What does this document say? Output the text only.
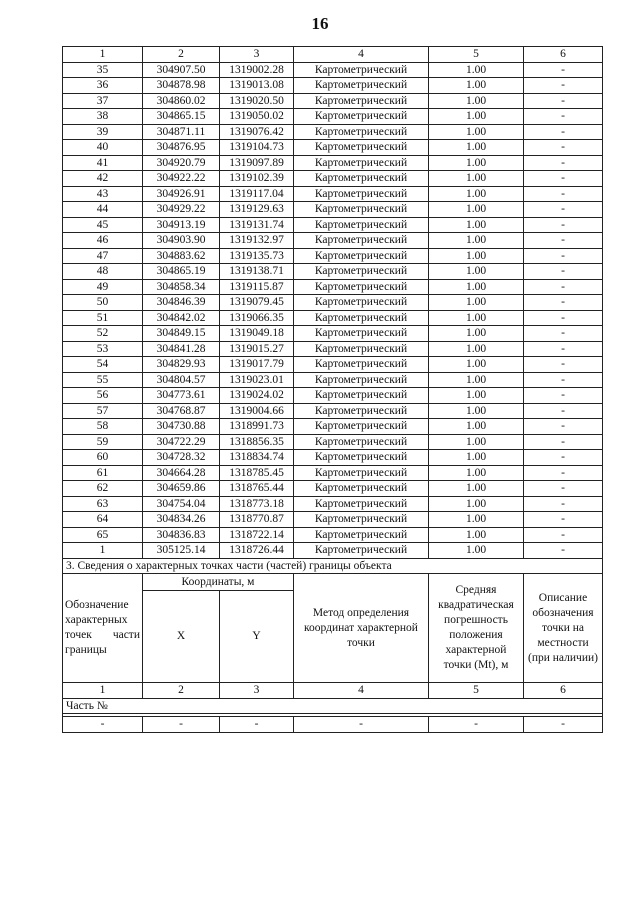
16
1	2	3	4	5	6
35	304907.50	1319002.28	Картометрический	1.00	-
36	304878.98	1319013.08	Картометрический	1.00	-
37	304860.02	1319020.50	Картометрический	1.00	-
38	304865.15	1319050.02	Картометрический	1.00	-
39	304871.11	1319076.42	Картометрический	1.00	-
40	304876.95	1319104.73	Картометрический	1.00	-
41	304920.79	1319097.89	Картометрический	1.00	-
42	304922.22	1319102.39	Картометрический	1.00	-
43	304926.91	1319117.04	Картометрический	1.00	-
44	304929.22	1319129.63	Картометрический	1.00	-
45	304913.19	1319131.74	Картометрический	1.00	-
46	304903.90	1319132.97	Картометрический	1.00	-
47	304883.62	1319135.73	Картометрический	1.00	-
48	304865.19	1319138.71	Картометрический	1.00	-
49	304858.34	1319115.87	Картометрический	1.00	-
50	304846.39	1319079.45	Картометрический	1.00	-
51	304842.02	1319066.35	Картометрический	1.00	-
52	304849.15	1319049.18	Картометрический	1.00	-
53	304841.28	1319015.27	Картометрический	1.00	-
54	304829.93	1319017.79	Картометрический	1.00	-
55	304804.57	1319023.01	Картометрический	1.00	-
56	304773.61	1319024.02	Картометрический	1.00	-
57	304768.87	1319004.66	Картометрический	1.00	-
58	304730.88	1318991.73	Картометрический	1.00	-
59	304722.29	1318856.35	Картометрический	1.00	-
60	304728.32	1318834.74	Картометрический	1.00	-
61	304664.28	1318785.45	Картометрический	1.00	-
62	304659.86	1318765.44	Картометрический	1.00	-
63	304754.04	1318773.18	Картометрический	1.00	-
64	304834.26	1318770.87	Картометрический	1.00	-
65	304836.83	1318722.14	Картометрический	1.00	-
1	305125.14	1318726.44	Картометрический	1.00	-
3. Сведения о характерных точках части (частей) границы объекта					
Обозначение характерных точек части границы	Координаты, м		Метод определения координат характерной точки	Средняя квадратическая погрешность положения характерной точки (Мt), м	Описание обозначения точки на местности (при наличии)
	X	Y			
1	2	3	4	5	6
Часть №					

-	-	-	-	-	-
